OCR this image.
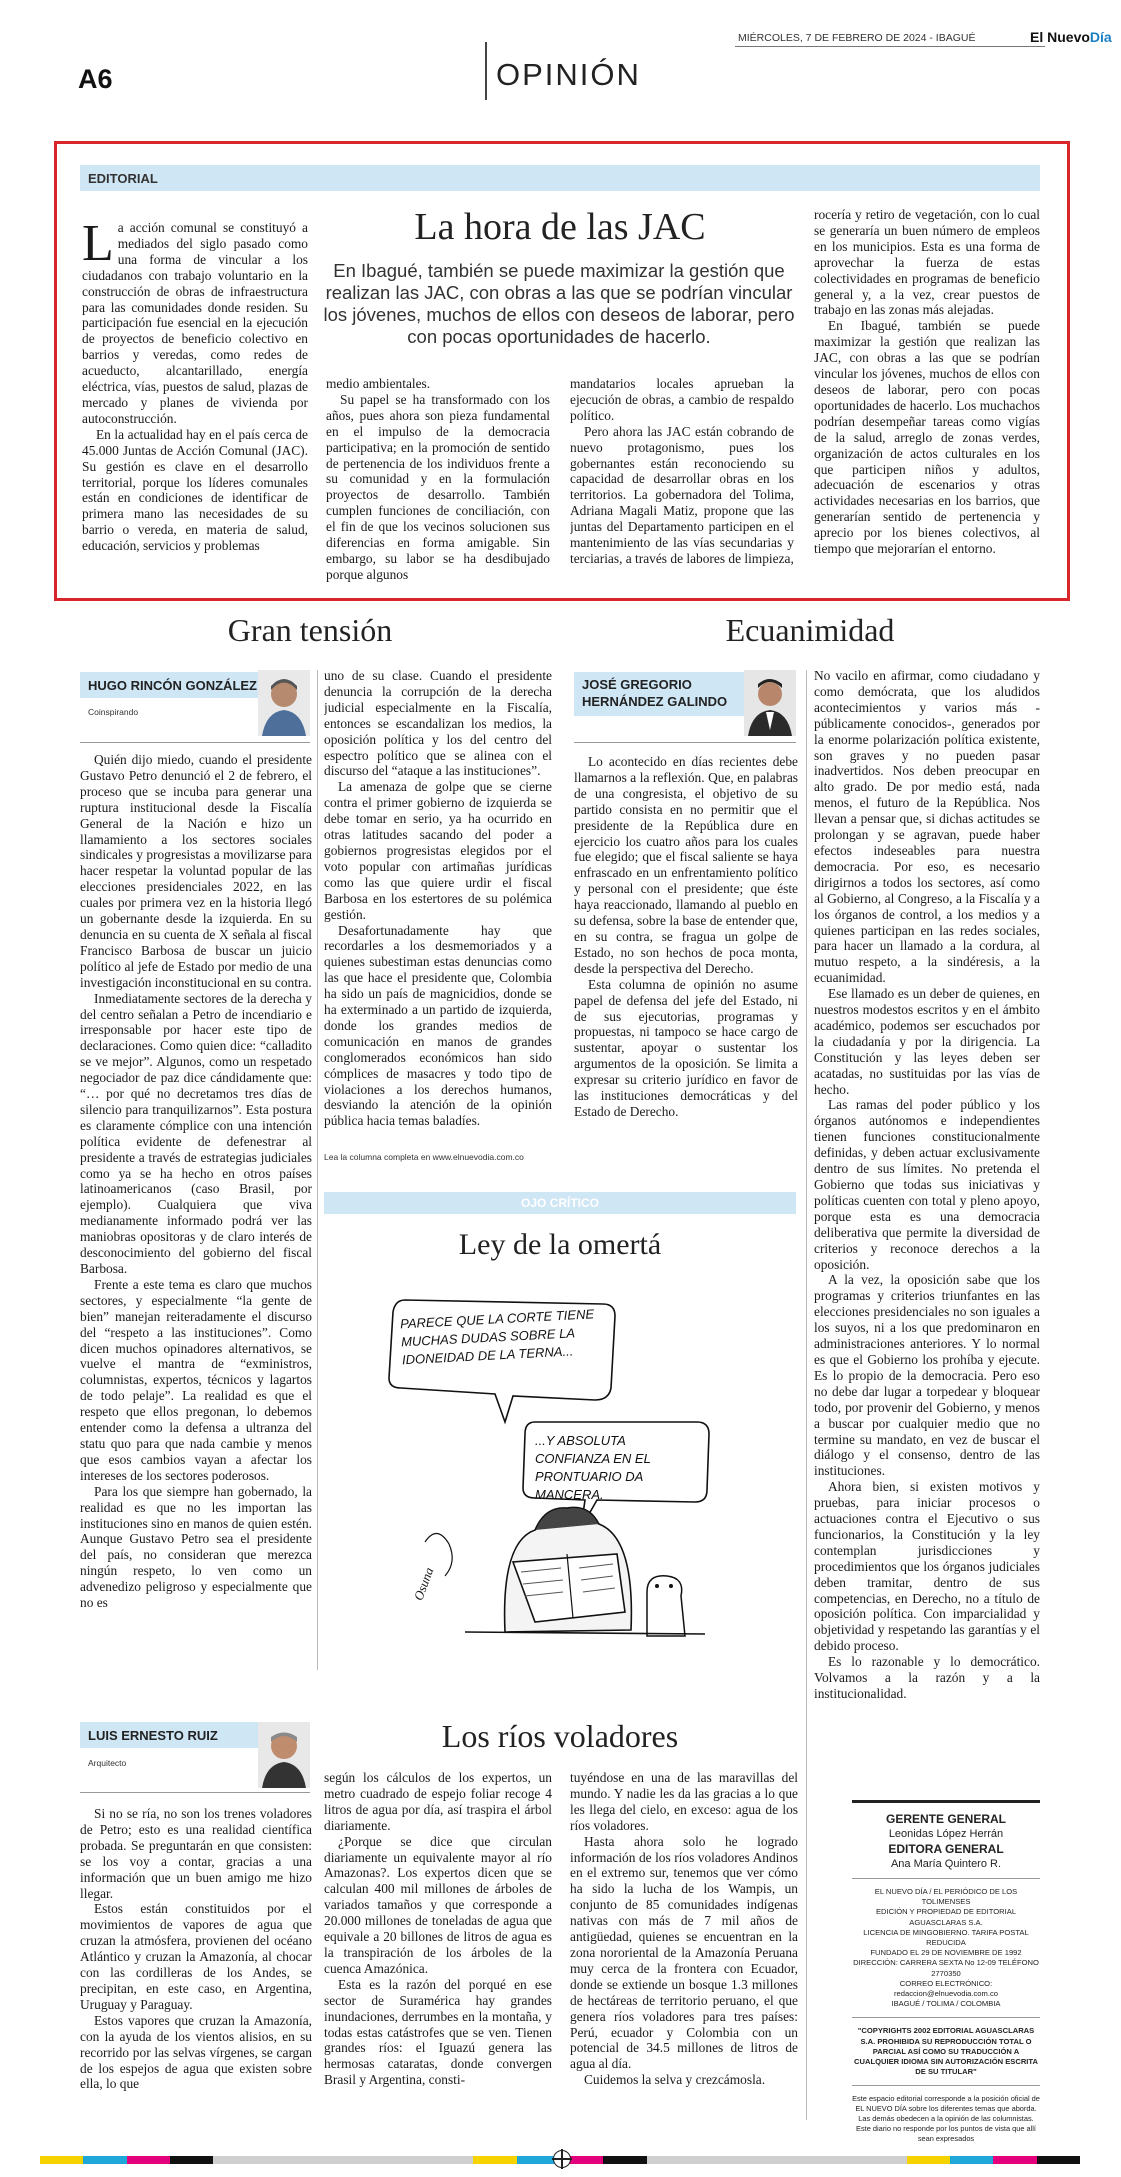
MIÉRCOLES, 7 DE FEBRERO DE 2024 - IBAGUÉ	El NuevoDía
A6	OPINIÓN
EDITORIAL
La hora de las JAC
En Ibagué, también se puede maximizar la gestión que realizan las JAC, con obras a las que se podrían vincular los jóvenes, muchos de ellos con deseos de laborar, pero con pocas oportunidades de hacerlo.

La acción comunal se constituyó a mediados del siglo pasado como una forma de vincular a los ciudadanos con trabajo voluntario en la construcción de obras de infraestructura para las comunidades donde residen. Su participación fue esencial en la ejecución de proyectos de beneficio colectivo en barrios y veredas, como redes de acueducto, alcantarillado, energía eléctrica, vías, puestos de salud, plazas de mercado y planes de vivienda por autoconstrucción.

En la actualidad hay en el país cerca de 45.000 Juntas de Acción Comunal (JAC). Su gestión es clave en el desarrollo territorial, porque los líderes comunales están en condiciones de identificar de primera mano las necesidades de su barrio o vereda, en materia de salud, educación, servicios y problemas

medio ambientales.

Su papel se ha transformado con los años, pues ahora son pieza fundamental en el impulso de la democracia participativa; en la promoción de sentido de pertenencia de los individuos frente a su comunidad y en la formulación proyectos de desarrollo. También cumplen funciones de conciliación, con el fin de que los vecinos solucionen sus diferencias en forma amigable. Sin embargo, su labor se ha desdibujado porque algunos

mandatarios locales aprueban la ejecución de obras, a cambio de respaldo político.

Pero ahora las JAC están cobrando de nuevo protagonismo, pues los gobernantes están reconociendo su capacidad de desarrollar obras en los territorios. La gobernadora del Tolima, Adriana Magali Matiz, propone que las juntas del Departamento participen en el mantenimiento de las vías secundarias y terciarias, a través de labores de limpieza,

rocería y retiro de vegetación, con lo cual se generaría un buen número de empleos en los municipios. Esta es una forma de aprovechar la fuerza de estas colectividades en programas de beneficio general y, a la vez, crear puestos de trabajo en las zonas más alejadas.

En Ibagué, también se puede maximizar la gestión que realizan las JAC, con obras a las que se podrían vincular los jóvenes, muchos de ellos con deseos de laborar, pero con pocas oportunidades de hacerlo. Los muchachos podrían desempeñar tareas como vigías de la salud, arreglo de zonas verdes, organización de actos culturales en los que participen niños y adultos, adecuación de escenarios y otras actividades necesarias en los barrios, que generarían sentido de pertenencia y aprecio por los bienes colectivos, al tiempo que mejorarían el entorno.

Gran tensión
HUGO RINCÓN GONZÁLEZ
Coinspirando

Quién dijo miedo, cuando el presidente Gustavo Petro denunció el 2 de febrero, el proceso que se incuba para generar una ruptura institucional desde la Fiscalía General de la Nación e hizo un llamamiento a los sectores sociales sindicales y progresistas a movilizarse para hacer respetar la voluntad popular de las elecciones presidenciales 2022, en las cuales por primera vez en la historia llegó un gobernante desde la izquierda. En su denuncia en su cuenta de X señala al fiscal Francisco Barbosa de buscar un juicio político al jefe de Estado por medio de una investigación inconstitucional en su contra.

Inmediatamente sectores de la derecha y del centro señalan a Petro de incendiario e irresponsable por hacer este tipo de declaraciones. Como quien dice: “calladito se ve mejor”. Algunos, como un respetado negociador de paz dice cándidamente que: “… por qué no decretamos tres días de silencio para tranquilizarnos”. Esta postura es claramente cómplice con una intención política evidente de defenestrar al presidente a través de estrategias judiciales como ya se ha hecho en otros países latinoamericanos (caso Brasil, por ejemplo). Cualquiera que viva medianamente informado podrá ver las maniobras opositoras y de claro interés de desconocimiento del gobierno del fiscal Barbosa.

Frente a este tema es claro que muchos sectores, y especialmente “la gente de bien” manejan reiteradamente el discurso del “respeto a las instituciones”. Como dicen muchos opinadores alternativos, se vuelve el mantra de “exministros, columnistas, expertos, técnicos y lagartos de todo pelaje”. La realidad es que el respeto que ellos pregonan, lo debemos entender como la defensa a ultranza del statu quo para que nada cambie y menos que esos cambios vayan a afectar los intereses de los sectores poderosos.

Para los que siempre han gobernado, la realidad es que no les importan las instituciones sino en manos de quien estén. Aunque Gustavo Petro sea el presidente del país, no consideran que merezca ningún respeto, lo ven como un advenedizo peligroso y especialmente que no es

uno de su clase. Cuando el presidente denuncia la corrupción de la derecha judicial especialmente en la Fiscalía, entonces se escandalizan los medios, la oposición política y los del centro del espectro político que se alinea con el discurso del “ataque a las instituciones”.

La amenaza de golpe que se cierne contra el primer gobierno de izquierda se debe tomar en serio, ya ha ocurrido en otras latitudes sacando del poder a gobiernos progresistas elegidos por el voto popular con artimañas jurídicas como las que quiere urdir el fiscal Barbosa en los estertores de su polémica gestión.

Desafortunadamente hay que recordarles a los desmemoriados y a quienes subestiman estas denuncias como las que hace el presidente que, Colombia ha sido un país de magnicidios, donde se ha exterminado a un partido de izquierda, donde los grandes medios de comunicación en manos de grandes conglomerados económicos han sido cómplices de masacres y todo tipo de violaciones a los derechos humanos, desviando la atención de la opinión pública hacia temas baladíes.

Lea la columna completa en www.elnuevodia.com.co
Ecuanimidad
JOSÉ GREGORIO
HERNÁNDEZ GALINDO

Lo acontecido en días recientes debe llamarnos a la reflexión. Que, en palabras de una congresista, el objetivo de su partido consista en no permitir que el presidente de la República dure en ejercicio los cuatro años para los cuales fue elegido; que el fiscal saliente se haya enfrascado en un enfrentamiento político y personal con el presidente; que éste haya reaccionado, llamando al pueblo en su defensa, sobre la base de entender que, en su contra, se fragua un golpe de Estado, no son hechos de poca monta, desde la perspectiva del Derecho.

Esta columna de opinión no asume papel de defensa del jefe del Estado, ni de sus ejecutorias, programas y propuestas, ni tampoco se hace cargo de sustentar, apoyar o sustentar los argumentos de la oposición. Se limita a expresar su criterio jurídico en favor de las instituciones democráticas y del Estado de Derecho.

No vacilo en afirmar, como ciudadano y como demócrata, que los aludidos acontecimientos y varios más -públicamente conocidos-, generados por la enorme polarización política existente, son graves y no pueden pasar inadvertidos. Nos deben preocupar en alto grado. De por medio está, nada menos, el futuro de la República. Nos llevan a pensar que, si dichas actitudes se prolongan y se agravan, puede haber efectos indeseables para nuestra democracia. Por eso, es necesario dirigirnos a todos los sectores, así como al Gobierno, al Congreso, a la Fiscalía y a los órganos de control, a los medios y a quienes participan en las redes sociales, para hacer un llamado a la cordura, al mutuo respeto, a la sindéresis, a la ecuanimidad.

Ese llamado es un deber de quienes, en nuestros modestos escritos y en el ámbito académico, podemos ser escuchados por la ciudadanía y por la dirigencia. La Constitución y las leyes deben ser acatadas, no sustituidas por las vías de hecho.

Las ramas del poder público y los órganos autónomos e independientes tienen funciones constitucionalmente definidas, y deben actuar exclusivamente dentro de sus límites. No pretenda el Gobierno que todas sus iniciativas y políticas cuenten con total y pleno apoyo, porque esta es una democracia deliberativa que permite la diversidad de criterios y reconoce derechos a la oposición.

A la vez, la oposición sabe que los programas y criterios triunfantes en las elecciones presidenciales no son iguales a los suyos, ni a los que predominaron en administraciones anteriores. Y lo normal es que el Gobierno los prohíba y ejecute. Es lo propio de la democracia. Pero eso no debe dar lugar a torpedear y bloquear todo, por provenir del Gobierno, y menos a buscar por cualquier medio que no termine su mandato, en vez de buscar el diálogo y el consenso, dentro de las instituciones.

Ahora bien, si existen motivos y pruebas, para iniciar procesos o actuaciones contra el Ejecutivo o sus funcionarios, la Constitución y la ley contemplan jurisdicciones y procedimientos que los órganos judiciales deben tramitar, dentro de sus competencias, en Derecho, no a título de oposición política. Con imparcialidad y objetividad y respetando las garantías y el debido proceso.

Es lo razonable y lo democrático. Volvamos a la razón y a la institucionalidad.

OJO CRÍTICO
Ley de la omertá
PARECE QUE LA CORTE TIENE MUCHAS DUDAS SOBRE LA IDONEIDAD DE LA TERNA...
...Y ABSOLUTA CONFIANZA EN EL PRONTUARIO DA MANCERA.
Osuna
Los ríos voladores
LUIS ERNESTO RUIZ
Arquitecto

Si no se ría, no son los trenes voladores de Petro; esto es una realidad científica probada. Se preguntarán en que consisten: se los voy a contar, gracias a una información que un buen amigo me hizo llegar.

Estos están constituidos por el movimientos de vapores de agua que cruzan la atmósfera, provienen del océano Atlántico y cruzan la Amazonía, al chocar con las cordilleras de los Andes, se precipitan, en este caso, en Argentina, Uruguay y Paraguay.

Estos vapores que cruzan la Amazonía, con la ayuda de los vientos alisios, en su recorrido por las selvas vírgenes, se cargan de los espejos de agua que existen sobre ella, lo que

según los cálculos de los expertos, un metro cuadrado de espejo foliar recoge 4 litros de agua por día, así traspira el árbol diariamente.

¿Porque se dice que circulan diariamente un equivalente mayor al río Amazonas?. Los expertos dicen que se calculan 400 mil millones de árboles de variados tamaños y que corresponde a 20.000 millones de toneladas de agua que equivale a 20 billones de litros de agua es la transpiración de los árboles de la cuenca Amazónica.

Esta es la razón del porqué en ese sector de Suramérica hay grandes inundaciones, derrumbes en la montaña, y todas estas catástrofes que se ven. Tienen grandes ríos: el Iguazú genera las hermosas cataratas, donde convergen Brasil y Argentina, consti-

tuyéndose en una de las maravillas del mundo. Y nadie les da las gracias a lo que les llega del cielo, en exceso: agua de los ríos voladores.

Hasta ahora solo he logrado información de los ríos voladores Andinos en el extremo sur, tenemos que ver cómo ha sido la lucha de los Wampis, un conjunto de 85 comunidades indígenas nativas con más de 7 mil años de antigüedad, quienes se encuentran en la zona nororiental de la Amazonía Peruana muy cerca de la frontera con Ecuador, donde se extiende un bosque 1.3 millones de hectáreas de territorio peruano, el que genera ríos voladores para tres países: Perú, ecuador y Colombia con un potencial de 34.5 millones de litros de agua al día.

Cuidemos la selva y crezcámosla.

GERENTE GENERAL
Leonidas López Herrán
EDITORA GENERAL
Ana María Quintero R.
EL NUEVO DÍA / EL PERIÓDICO DE LOS TOLIMENSES
EDICIÓN Y PROPIEDAD DE EDITORIAL AGUASCLARAS S.A.
LICENCIA DE MINGOBIERNO. TARIFA POSTAL REDUCIDA
FUNDADO EL 29 DE NOVIEMBRE DE 1992
DIRECCIÓN: CARRERA SEXTA No 12-09 TELÉFONO 2770350
CORREO ELECTRÓNICO: redaccion@elnuevodia.com.co
IBAGUÉ / TOLIMA / COLOMBIA
"COPYRIGHTS 2002 EDITORIAL AGUASCLARAS S.A. PROHIBIDA SU REPRODUCCIÓN TOTAL O PARCIAL ASÍ COMO SU TRADUCCIÓN A CUALQUIER IDIOMA SIN AUTORIZACIÓN ESCRITA DE SU TITULAR"
Este espacio editorial corresponde a la posición oficial de EL NUEVO DÍA sobre los diferentes temas que aborda. Las demás obedecen a la opinión de las columnistas. Este diario no responde por los puntos de vista que allí sean expresados
